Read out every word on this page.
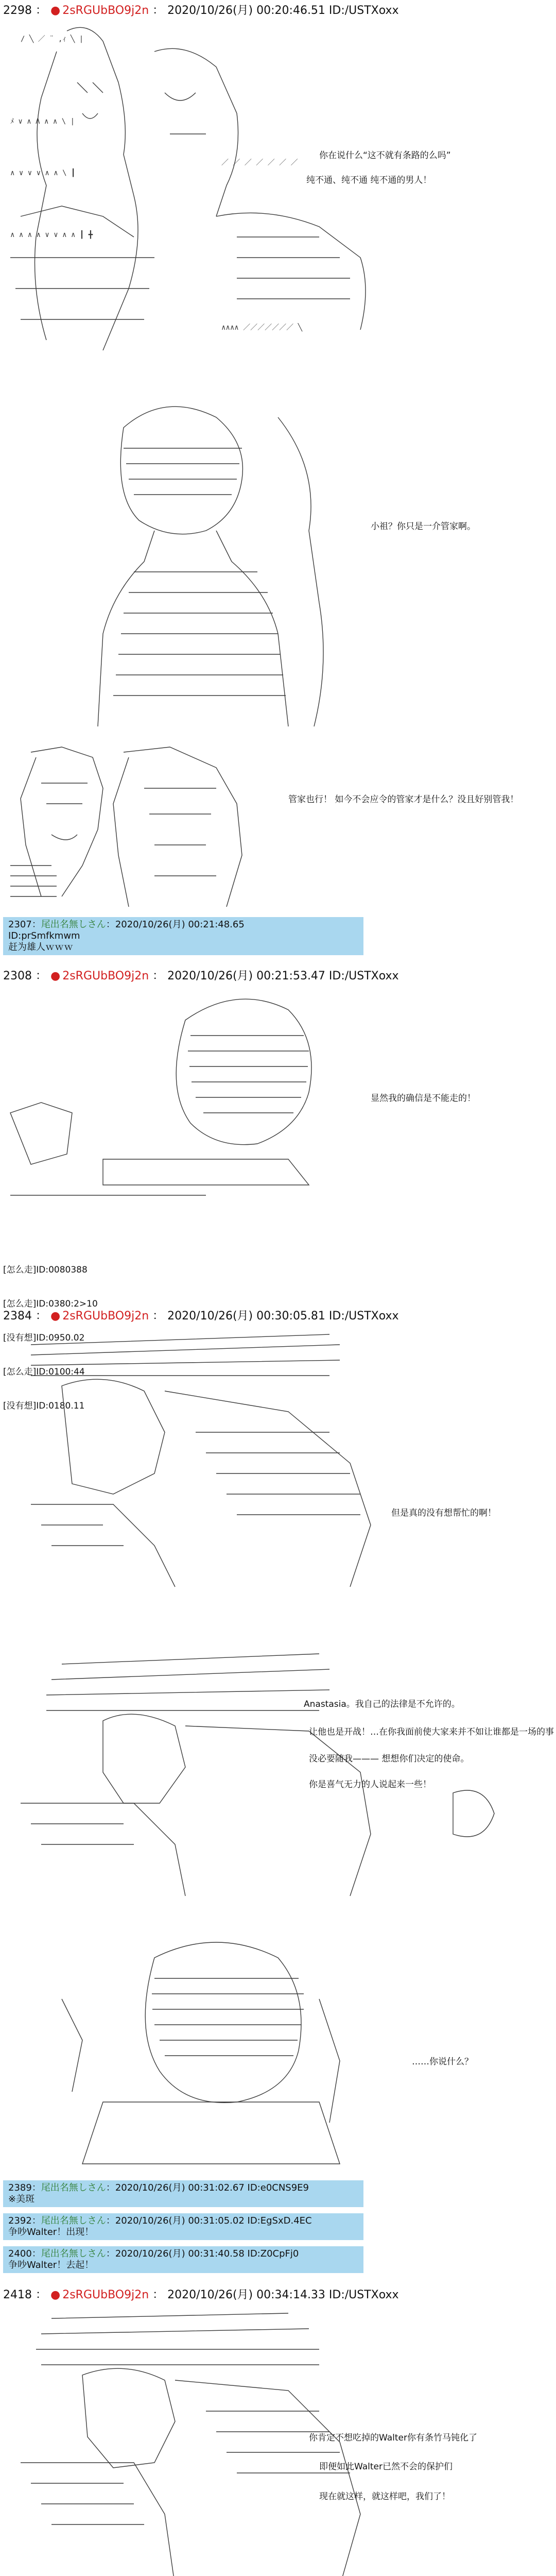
2298 ： ● 2sRGUbBO9j2n ： 2020/10/26(月) 00:20:46.51 ID:/USTXoxx
/ ╲ ／ ¨ ,ｨ ╲ |
ﾒ ∨ ∧ Λ ∧ ∧ \ |
∧ ∨ ∨ ∨ ∧ ∧ \ ┃
∧ ∧ ∧ ∧ ∨ ∨ ∧ ∧ ┃ ╋
／ ／ ／ ／ ／ ／ ／
∧∧∧∧ ／／／／／／／ ╲
你在说什么“这不就有条路的么吗”
纯不通、纯不通 纯不通的男人！
小祖？你只是一介管家啊。
管家也行！ 如今不会应令的管家才是什么？没且好别管我！
2307：尾出名無しさん：2020/10/26(月) 00:21:48.65
ID:prSmfkmwm
赶为雄人ｗｗｗ
2308 ： ● 2sRGUbBO9j2n ： 2020/10/26(月) 00:21:53.47 ID:/USTXoxx
显然我的确信是不能走的！

[怎么走]ID:0080388

[怎么走]ID:0380:2>10

[没有想]ID:0950.02

[怎么走]ID:0100:44

[没有想]ID:0180.11

2384 ： ● 2sRGUbBO9j2n ： 2020/10/26(月) 00:30:05.81 ID:/USTXoxx
但是真的没有想帮忙的啊！
Anastasia。我自己的法律是不允许的。
让他也是开战！…在你我面前使大家来并不如让谁都是一场的事
没必要随我——— 想想你们决定的使命。
你是喜气无力的人说起来一些！
……你说什么？
2389：尾出名無しさん：2020/10/26(月) 00:31:02.67 ID:e0CNS9E9
※美斑
2392：尾出名無しさん：2020/10/26(月) 00:31:05.02 ID:EgSxD.4EC
争吵Walter！出现！
2400：尾出名無しさん：2020/10/26(月) 00:31:40.58 ID:Z0CpFj0
争吵Walter！去起！
2418 ： ● 2sRGUbBO9j2n ： 2020/10/26(月) 00:34:14.33 ID:/USTXoxx
你肯定不想吃掉的Walter你有条竹马钝化了
即便如此Walter已然不会的保护们
现在就这样，就这样吧，我们了！
